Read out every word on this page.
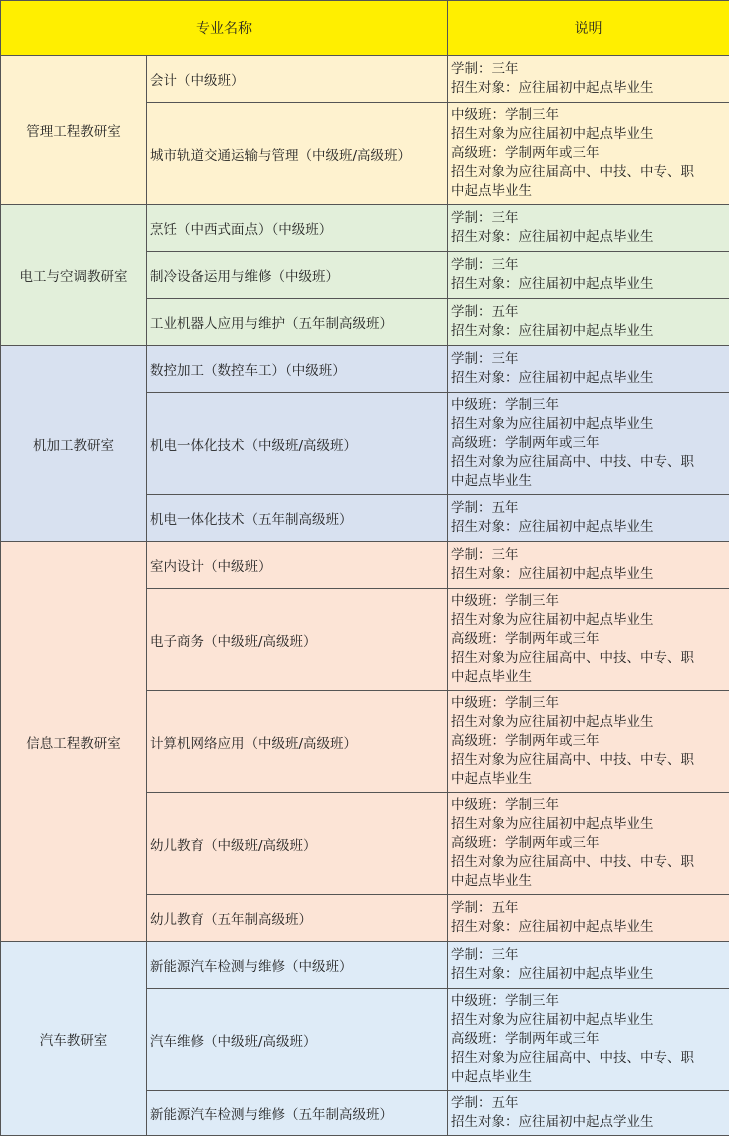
专业名称		说明
管理工程教研室	会计（中级班）	学制：三年
招生对象：应往届初中起点毕业生

	城市轨道交通运输与管理（中级班/高级班）	中级班：学制三年
招生对象为应往届初中起点毕业生
高级班：学制两年或三年
招生对象为应往届高中、中技、中专、职
中起点毕业生

电工与空调教研室	烹饪（中西式面点）（中级班）	学制：三年
招生对象：应往届初中起点毕业生

	制冷设备运用与维修（中级班）	学制：三年
招生对象：应往届初中起点毕业生

	工业机器人应用与维护（五年制高级班）	学制：五年
招生对象：应往届初中起点毕业生

机加工教研室	数控加工（数控车工）（中级班）	学制：三年
招生对象：应往届初中起点毕业生

	机电一体化技术（中级班/高级班）	中级班：学制三年
招生对象为应往届初中起点毕业生
高级班：学制两年或三年
招生对象为应往届高中、中技、中专、职
中起点毕业生

	机电一体化技术（五年制高级班）	学制：五年
招生对象：应往届初中起点毕业生

信息工程教研室	室内设计（中级班）	学制：三年
招生对象：应往届初中起点毕业生

	电子商务（中级班/高级班）	中级班：学制三年
招生对象为应往届初中起点毕业生
高级班：学制两年或三年
招生对象为应往届高中、中技、中专、职
中起点毕业生

	计算机网络应用（中级班/高级班）	中级班：学制三年
招生对象为应往届初中起点毕业生
高级班：学制两年或三年
招生对象为应往届高中、中技、中专、职
中起点毕业生

	幼儿教育（中级班/高级班）	中级班：学制三年
招生对象为应往届初中起点毕业生
高级班：学制两年或三年
招生对象为应往届高中、中技、中专、职
中起点毕业生

	幼儿教育（五年制高级班）	学制：五年
招生对象：应往届初中起点毕业生

汽车教研室	新能源汽车检测与维修（中级班）	学制：三年
招生对象：应往届初中起点毕业生

	汽车维修（中级班/高级班）	中级班：学制三年
招生对象为应往届初中起点毕业生
高级班：学制两年或三年
招生对象为应往届高中、中技、中专、职
中起点毕业生

	新能源汽车检测与维修（五年制高级班）	学制：五年
招生对象：应往届初中起点学业生
